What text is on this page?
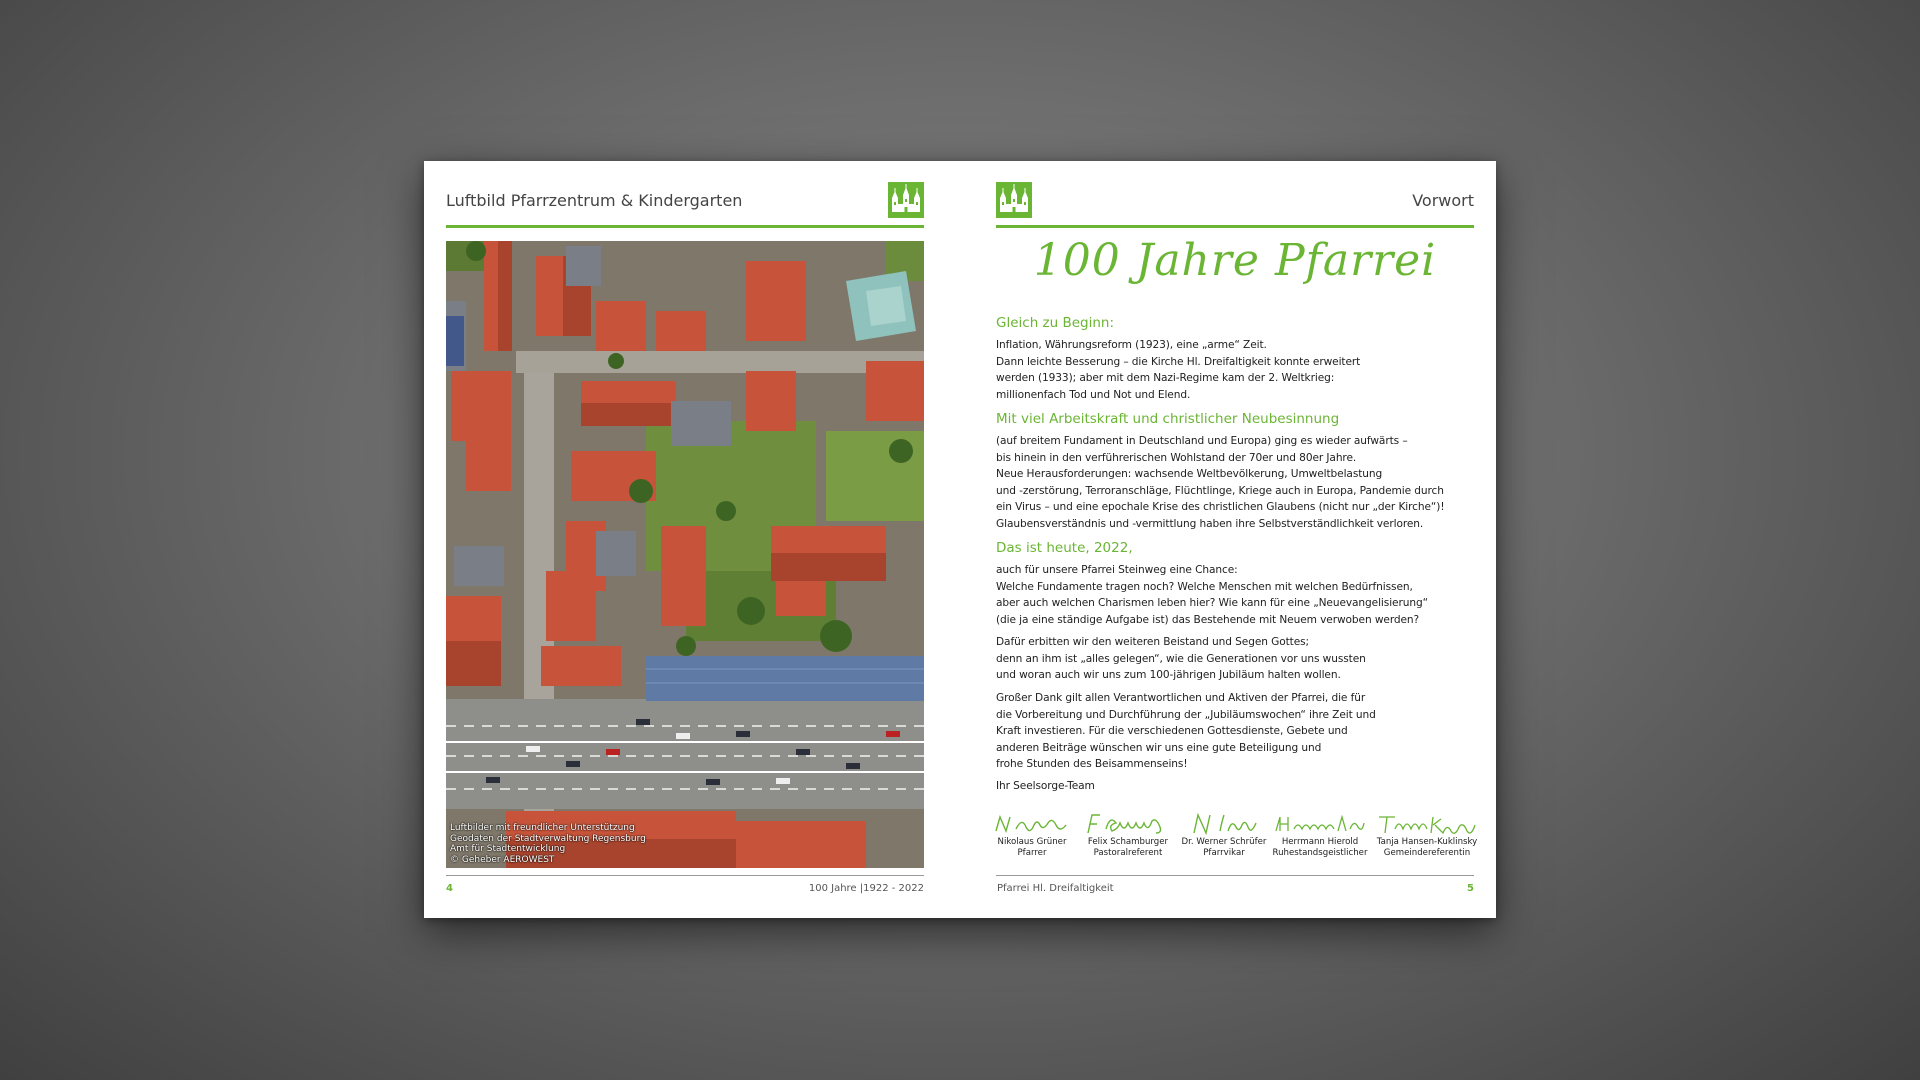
Luftbild Pfarrzentrum & Kindergarten
Luftbilder mit freundlicher Unterstützung
Geodaten der Stadtverwaltung Regensburg
Amt für Stadtentwicklung
© Geheber AEROWEST
4	100 Jahre |1922 - 2022
Vorwort
100 Jahre Pfarrei
Gleich zu Beginn:
Inflation, Währungsreform (1923), eine „arme“ Zeit.
Dann leichte Besserung – die Kirche Hl. Dreifaltigkeit konnte erweitert
werden (1933); aber mit dem Nazi-Regime kam der 2. Weltkrieg:
millionenfach Tod und Not und Elend.
Mit viel Arbeitskraft und christlicher Neubesinnung
(auf breitem Fundament in Deutschland und Europa) ging es wieder aufwärts –
bis hinein in den verführerischen Wohlstand der 70er und 80er Jahre.
Neue Herausforderungen: wachsende Weltbevölkerung, Umweltbelastung
und -zerstörung, Terroranschläge, Flüchtlinge, Kriege auch in Europa, Pandemie durch
ein Virus – und eine epochale Krise des christlichen Glaubens (nicht nur „der Kirche“)!
Glaubensverständnis und -vermittlung haben ihre Selbstverständlichkeit verloren.
Das ist heute, 2022,
auch für unsere Pfarrei Steinweg eine Chance:
Welche Fundamente tragen noch? Welche Menschen mit welchen Bedürfnissen,
aber auch welchen Charismen leben hier? Wie kann für eine „Neuevangelisierung“
(die ja eine ständige Aufgabe ist) das Bestehende mit Neuem verwoben werden?
Dafür erbitten wir den weiteren Beistand und Segen Gottes;
denn an ihm ist „alles gelegen“, wie die Generationen vor uns wussten
und woran auch wir uns zum 100-jährigen Jubiläum halten wollen.
Großer Dank gilt allen Verantwortlichen und Aktiven der Pfarrei, die für
die Vorbereitung und Durchführung der „Jubiläumswochen“ ihre Zeit und
Kraft investieren. Für die verschiedenen Gottesdienste, Gebete und
anderen Beiträge wünschen wir uns eine gute Beteiligung und
frohe Stunden des Beisammenseins!
Ihr Seelsorge-Team
Nikolaus Grüner
Pfarrer
Felix Schamburger
Pastoralreferent
Dr. Werner Schrüfer
Pfarrvikar
Herrmann Hierold
Ruhestandsgeistlicher
Tanja Hansen-Kuklinsky
Gemeindereferentin
Pfarrei Hl. Dreifaltigkeit	5
